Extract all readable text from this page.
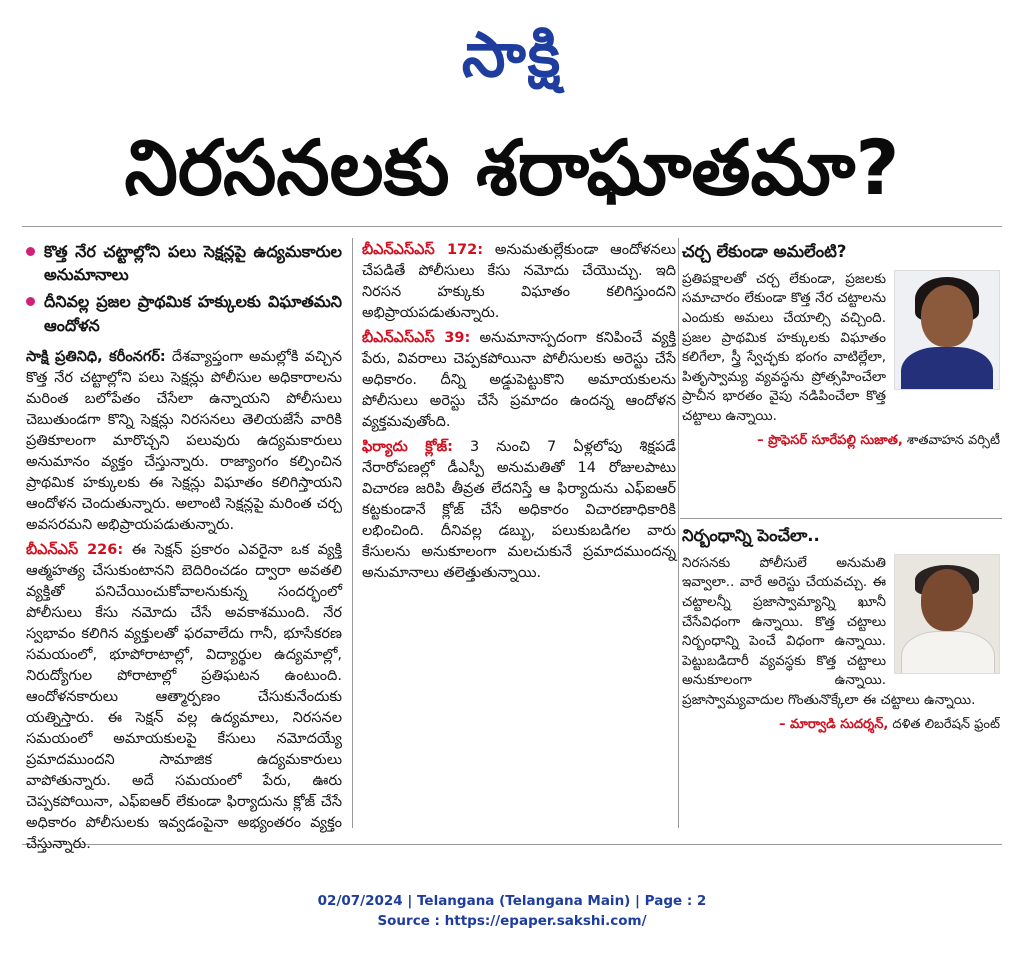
సాక్షి
నిరసనలకు శరాఘాతమా?
కొత్త నేర చట్టాల్లోని పలు సెక్షన్లపై ఉద్యమకారుల అనుమానాలు
దీనివల్ల ప్రజల ప్రాథమిక హక్కులకు విఘాతమని ఆందోళన

సాక్షి ప్రతినిధి, కరీంనగర్: దేశవ్యాప్తంగా అమల్లోకి వచ్చిన కొత్త నేర చట్టాల్లోని పలు సెక్షన్లు పోలీసుల అధికారాలను మరింత బలోపేతం చేసేలా ఉన్నాయని పోలీసులు చెబుతుండగా కొన్ని సెక్షన్లు నిరసనలు తెలియజేసే వారికి ప్రతికూలంగా మారొచ్చని పలువురు ఉద్యమకారులు అనుమానం వ్యక్తం చేస్తున్నారు. రాజ్యాంగం కల్పించిన ప్రాథమిక హక్కులకు ఈ సెక్షన్లు విఘాతం కలిగిస్తాయని ఆందోళన చెందుతున్నారు. అలాంటి సెక్షన్లపై మరింత చర్చ అవసరమని అభిప్రాయపడుతున్నారు.

బీఎన్ఎస్ 226: ఈ సెక్షన్ ప్రకారం ఎవరైనా ఒక వ్యక్తి ఆత్మహత్య చేసుకుంటానని బెదిరించడం ద్వారా అవతలి వ్యక్తితో పనిచేయించుకోవాలనుకున్న సందర్భంలో పోలీసులు కేసు నమోదు చేసే అవకాశముంది. నేర స్వభావం కలిగిన వ్యక్తులతో ఫరవాలేదు గానీ, భూసేకరణ సమయంలో, భూపోరాటాల్లో, విద్యార్థుల ఉద్యమాల్లో, నిరుద్యోగుల పోరాటాల్లో ప్రతిఘటన ఉంటుంది. ఆందోళనకారులు ఆత్మార్పణం చేసుకునేందుకు యత్నిస్తారు. ఈ సెక్షన్ వల్ల ఉద్యమాలు, నిరసనల సమయంలో అమాయకులపై కేసులు నమోదయ్యే ప్రమాదముందని సామాజిక ఉద్యమకారులు వాపోతున్నారు. అదే సమయంలో పేరు, ఊరు చెప్పకపోయినా, ఎఫ్ఐఆర్ లేకుండా ఫిర్యాదును క్లోజ్ చేసే అధికారం పోలీసులకు ఇవ్వడంపైనా అభ్యంతరం వ్యక్తం చేస్తున్నారు.

బీఎన్ఎస్ఎస్ 172: అనుమతుల్లేకుండా ఆందోళనలు చేపడితే పోలీసులు కేసు నమోదు చేయొచ్చు. ఇది నిరసన హక్కుకు విఘాతం కలిగిస్తుందని అభిప్రాయపడుతున్నారు.

బీఎన్ఎస్ఎస్ 39: అనుమానాస్పదంగా కనిపించే వ్యక్తి పేరు, వివరాలు చెప్పకపోయినా పోలీసులకు అరెస్టు చేసే అధికారం. దీన్ని అడ్డుపెట్టుకొని అమాయకులను పోలీసులు అరెస్టు చేసే ప్రమాదం ఉందన్న ఆందోళన వ్యక్తమవుతోంది.

ఫిర్యాదు క్లోజ్: 3 నుంచి 7 ఏళ్లలోపు శిక్షపడే నేరారోపణల్లో డీఎస్పీ అనుమతితో 14 రోజులపాటు విచారణ జరిపి తీవ్రత లేదనిస్తే ఆ ఫిర్యాదును ఎఫ్ఐఆర్ కట్టకుండానే క్లోజ్ చేసే అధికారం విచారణాధికారికి లభించింది. దీనివల్ల డబ్బు, పలుకుబడిగల వారు కేసులను అనుకూలంగా మలచుకునే ప్రమాదముందన్న అనుమానాలు తలెత్తుతున్నాయి.

చర్చ లేకుండా అమలేంటి?

ప్రతిపక్షాలతో చర్చ లేకుండా, ప్రజలకు సమాచారం లేకుండా కొత్త నేర చట్టాలను ఎందుకు అమలు చేయాల్సి వచ్చింది. ప్రజల ప్రాథమిక హక్కులకు విఘాతం కలిగేలా, స్త్రీ స్వేచ్ఛకు భంగం వాటిల్లేలా, పితృస్వామ్య వ్యవస్థను ప్రోత్సహించేలా ప్రాచీన భారతం వైపు నడిపించేలా కొత్త చట్టాలు ఉన్నాయి.

– ప్రొఫెసర్ సూరేపల్లి సుజాత, శాతవాహన వర్సిటీ
నిర్బంధాన్ని పెంచేలా..

నిరసనకు పోలీసులే అనుమతి ఇవ్వాలా.. వారే అరెస్టు చేయవచ్చు. ఈ చట్టాలన్నీ ప్రజాస్వామ్యాన్ని ఖూనీ చేసేవిధంగా ఉన్నాయి. కొత్త చట్టాలు నిర్బంధాన్ని పెంచే విధంగా ఉన్నాయి. పెట్టుబడిదారీ వ్యవస్థకు కొత్త చట్టాలు అనుకూలంగా ఉన్నాయి. ప్రజాస్వామ్యవాదుల గొంతునొక్కేలా ఈ చట్టాలు ఉన్నాయి.

– మార్వాడి సుదర్శన్, దళిత లిబరేషన్ ఫ్రంట్
02/07/2024 | Telangana (Telangana Main) | Page : 2
Source : https://epaper.sakshi.com/
